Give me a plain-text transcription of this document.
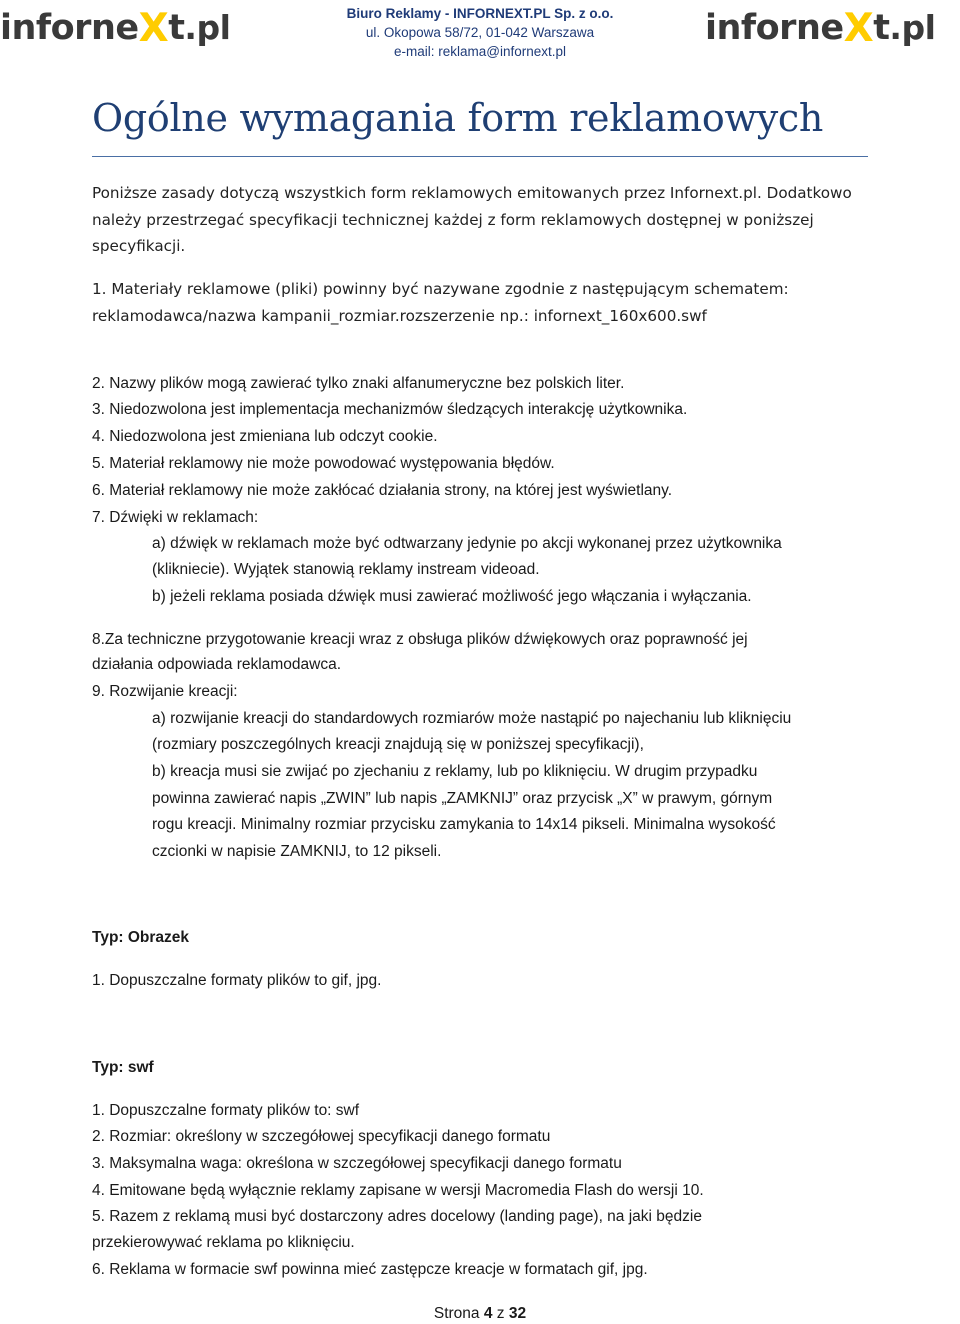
inforneXt.pl	Biuro Reklamy - INFORNEXT.PL Sp. z o.o.
ul. Okopowa 58/72, 01-042 Warszawa
e-mail: reklama@infornext.pl
inforneXt.pl
Ogólne wymagania form reklamowych

Poniższe zasady dotyczą wszystkich form reklamowych emitowanych przez Infornext.pl. Dodatkowo należy przestrzegać specyfikacji technicznej każdej z form reklamowych dostępnej w poniższej specyfikacji.

1. Materiały reklamowe (pliki) powinny być nazywane zgodnie z następującym schematem: reklamodawca/nazwa kampanii_rozmiar.rozszerzenie np.: infornext_160x600.swf

2. Nazwy plików mogą zawierać tylko znaki alfanumeryczne bez polskich liter.
3. Niedozwolona jest implementacja mechanizmów śledzących interakcję użytkownika.
4. Niedozwolona jest zmieniana lub odczyt cookie.
5. Materiał reklamowy nie może powodować występowania błędów.
6. Materiał reklamowy nie może zakłócać działania strony, na której jest wyświetlany.
7. Dźwięki w reklamach:
a) dźwięk w reklamach może być odtwarzany jedynie po akcji wykonanej przez użytkownika
(klikniecie). Wyjątek stanowią reklamy instream videoad.
b) jeżeli reklama posiada dźwięk musi zawierać możliwość jego włączania i wyłączania.
8.Za techniczne przygotowanie kreacji wraz z obsługa plików dźwiękowych oraz poprawność jej
działania odpowiada reklamodawca.
9. Rozwijanie kreacji:
a) rozwijanie kreacji do standardowych rozmiarów może nastąpić po najechaniu lub kliknięciu
(rozmiary poszczególnych kreacji znajdują się w poniższej specyfikacji),
b) kreacja musi sie zwijać po zjechaniu z reklamy, lub po kliknięciu. W drugim przypadku
powinna zawierać napis „ZWIN” lub napis „ZAMKNIJ” oraz przycisk „X” w prawym, górnym
rogu kreacji. Minimalny rozmiar przycisku zamykania to 14x14 pikseli. Minimalna wysokość
czcionki w napisie ZAMKNIJ, to 12 pikseli.
Typ: Obrazek
1. Dopuszczalne formaty plików to gif, jpg.
Typ: swf
1. Dopuszczalne formaty plików to: swf
2. Rozmiar: określony w szczegółowej specyfikacji danego formatu
3. Maksymalna waga: określona w szczegółowej specyfikacji danego formatu
4. Emitowane będą wyłącznie reklamy zapisane w wersji Macromedia Flash do wersji 10.
5. Razem z reklamą musi być dostarczony adres docelowy (landing page), na jaki będzie
przekierowywać reklama po kliknięciu.
6. Reklama w formacie swf powinna mieć zastępcze kreacje w formatach gif, jpg.
Strona 4 z 32
